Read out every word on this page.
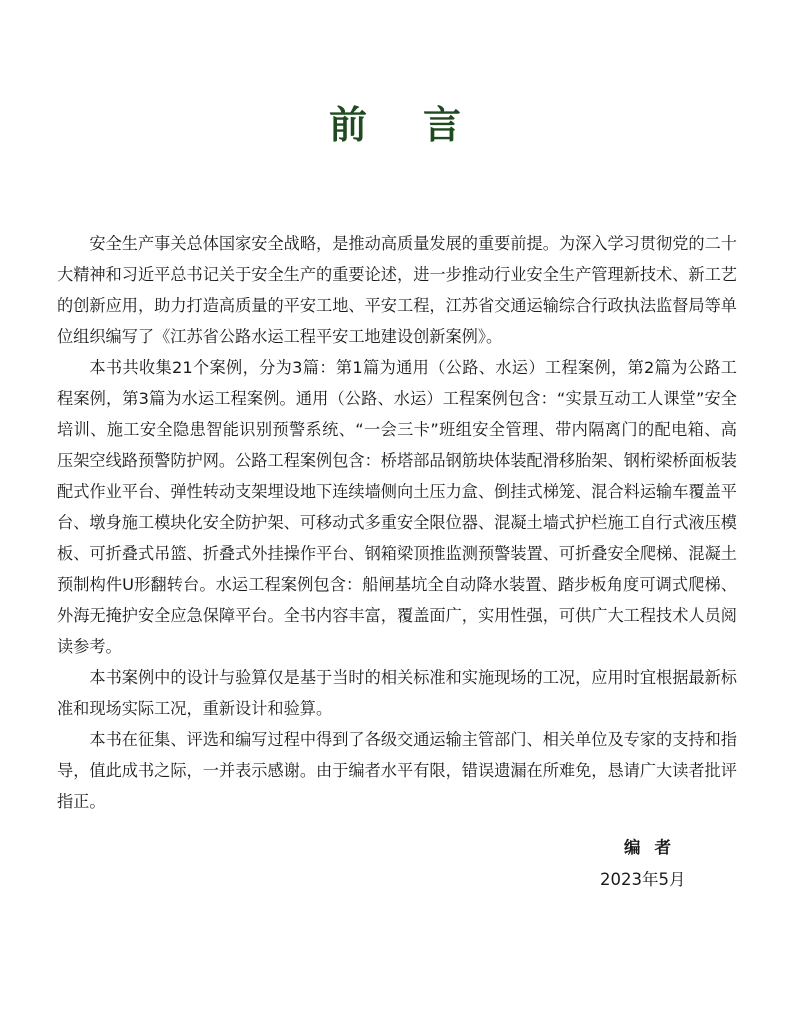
前言

安全生产事关总体国家安全战略，是推动高质量发展的重要前提。为深入学习贯彻党的二十大精神和习近平总书记关于安全生产的重要论述，进一步推动行业安全生产管理新技术、新工艺的创新应用，助力打造高质量的平安工地、平安工程，江苏省交通运输综合行政执法监督局等单位组织编写了《江苏省公路水运工程平安工地建设创新案例》。

本书共收集21个案例，分为3篇：第1篇为通用（公路、水运）工程案例，第2篇为公路工程案例，第3篇为水运工程案例。通用（公路、水运）工程案例包含：“实景互动工人课堂”安全培训、施工安全隐患智能识别预警系统、“一会三卡”班组安全管理、带内隔离门的配电箱、高压架空线路预警防护网。公路工程案例包含：桥塔部品钢筋块体装配滑移胎架、钢桁梁桥面板装配式作业平台、弹性转动支架埋设地下连续墙侧向土压力盒、倒挂式梯笼、混合料运输车覆盖平台、墩身施工模块化安全防护架、可移动式多重安全限位器、混凝土墙式护栏施工自行式液压模板、可折叠式吊篮、折叠式外挂操作平台、钢箱梁顶推监测预警装置、可折叠安全爬梯、混凝土预制构件U形翻转台。水运工程案例包含：船闸基坑全自动降水装置、踏步板角度可调式爬梯、外海无掩护安全应急保障平台。全书内容丰富，覆盖面广，实用性强，可供广大工程技术人员阅读参考。

本书案例中的设计与验算仅是基于当时的相关标准和实施现场的工况，应用时宜根据最新标准和现场实际工况，重新设计和验算。

本书在征集、评选和编写过程中得到了各级交通运输主管部门、相关单位及专家的支持和指导，值此成书之际，一并表示感谢。由于编者水平有限，错误遗漏在所难免，恳请广大读者批评指正。

编者
2023年5月
